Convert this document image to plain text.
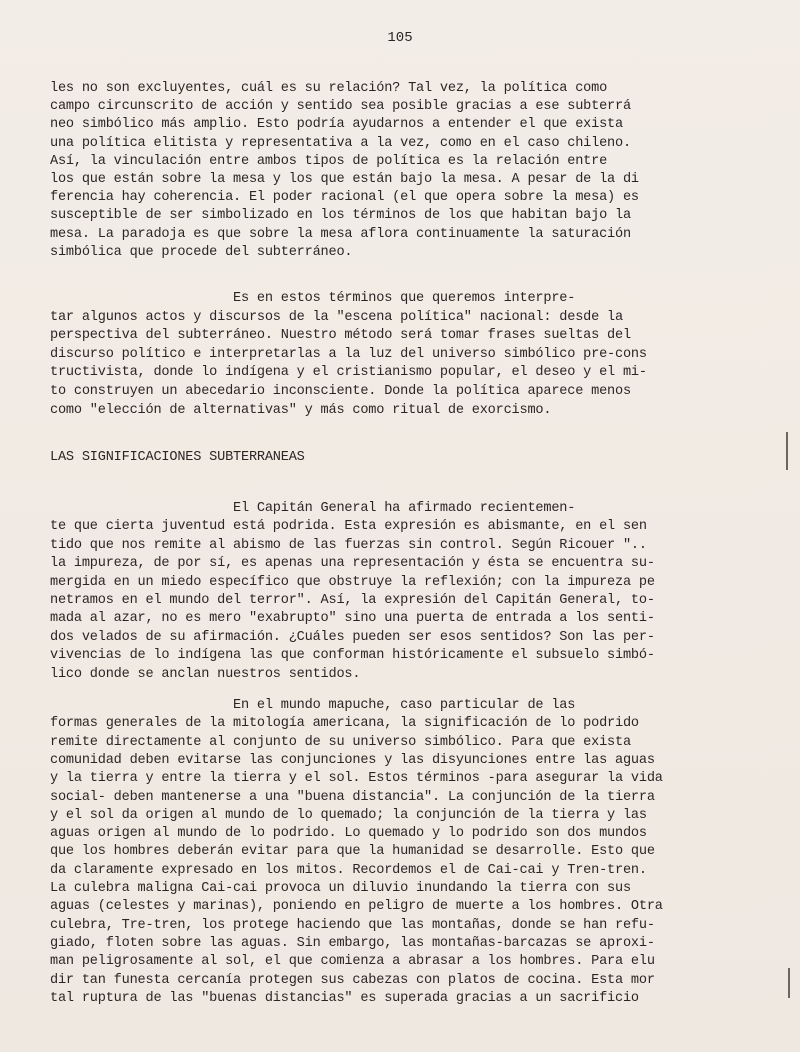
105
les no son excluyentes, cuál es su relación? Tal vez, la política como
campo circunscrito de acción y sentido sea posible gracias a ese subterrá
neo simbólico más amplio. Esto podría ayudarnos a entender el que exista
una política elitista y representativa a la vez, como en el caso chileno.
Así, la vinculación entre ambos tipos de política es la relación entre
los que están sobre la mesa y los que están bajo la mesa. A pesar de la di
ferencia hay coherencia. El poder racional (el que opera sobre la mesa) es
susceptible de ser simbolizado en los términos de los que habitan bajo la
mesa. La paradoja es que sobre la mesa aflora continuamente la saturación
simbólica que procede del subterráneo.
Es en estos términos que queremos interpre-
tar algunos actos y discursos de la "escena política" nacional: desde la
perspectiva del subterráneo. Nuestro método será tomar frases sueltas del
discurso político e interpretarlas a la luz del universo simbólico pre-cons
tructivista, donde lo indígena y el cristianismo popular, el deseo y el mi-
to construyen un abecedario inconsciente. Donde la política aparece menos
como "elección de alternativas" y más como ritual de exorcismo.
LAS SIGNIFICACIONES SUBTERRANEAS
El Capitán General ha afirmado recientemen-
te que cierta juventud está podrida. Esta expresión es abismante, en el sen
tido que nos remite al abismo de las fuerzas sin control. Según Ricouer "..
la impureza, de por sí, es apenas una representación y ésta se encuentra su-
mergida en un miedo específico que obstruye la reflexión; con la impureza pe
netramos en el mundo del terror". Así, la expresión del Capitán General, to-
mada al azar, no es mero "exabrupto" sino una puerta de entrada a los senti-
dos velados de su afirmación. ¿Cuáles pueden ser esos sentidos? Son las per-
vivencias de lo indígena las que conforman históricamente el subsuelo simbó-
lico donde se anclan nuestros sentidos.
En el mundo mapuche, caso particular de las
formas generales de la mitología americana, la significación de lo podrido
remite directamente al conjunto de su universo simbólico. Para que exista
comunidad deben evitarse las conjunciones y las disyunciones entre las aguas
y la tierra y entre la tierra y el sol. Estos términos -para asegurar la vida
social- deben mantenerse a una "buena distancia". La conjunción de la tierra
y el sol da origen al mundo de lo quemado; la conjunción de la tierra y las
aguas origen al mundo de lo podrido. Lo quemado y lo podrido son dos mundos
que los hombres deberán evitar para que la humanidad se desarrolle. Esto que
da claramente expresado en los mitos. Recordemos el de Cai-cai y Tren-tren.
La culebra maligna Cai-cai provoca un diluvio inundando la tierra con sus
aguas (celestes y marinas), poniendo en peligro de muerte a los hombres. Otra
culebra, Tre-tren, los protege haciendo que las montañas, donde se han refu-
giado, floten sobre las aguas. Sin embargo, las montañas-barcazas se aproxi-
man peligrosamente al sol, el que comienza a abrasar a los hombres. Para elu
dir tan funesta cercanía protegen sus cabezas con platos de cocina. Esta mor
tal ruptura de las "buenas distancias" es superada gracias a un sacrificio
